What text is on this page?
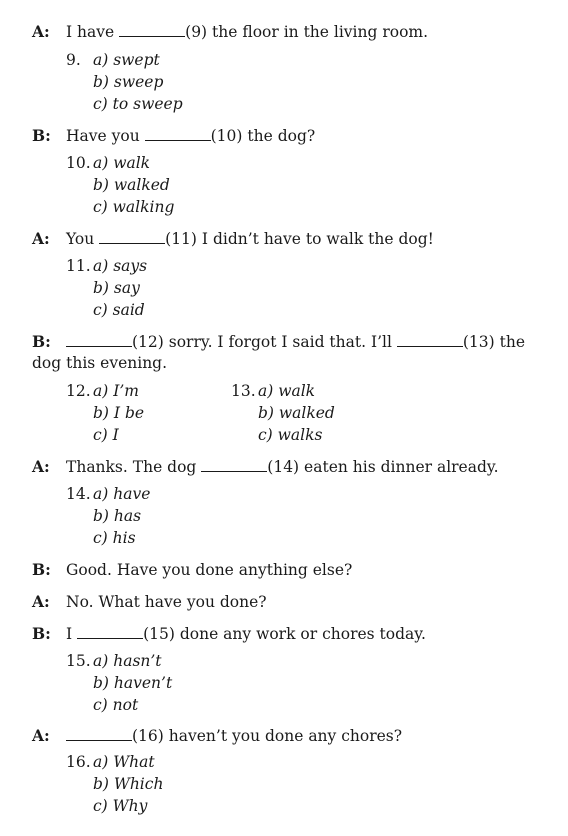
A: I have	(9) the floor in the living room.
9. a) swept
b) sweep
c) to sweep
B: Have you	(10) the dog?
10. a) walk
b) walked
c) walking
A: You	(11) I didn’t have to walk the dog!
11. a) says
b) say
c) said
B:	(12) sorry. I forgot I said that. I’ll	(13) the
dog this evening.
12. a) I’m
b) I be
c) I
13. a) walk
b) walked
c) walks
A: Thanks. The dog	(14) eaten his dinner already.
14. a) have
b) has
c) his
B: Good. Have you done anything else?
A: No. What have you done?
B: I	(15) done any work or chores today.
15. a) hasn’t
b) haven’t
c) not
A:	(16) haven’t you done any chores?
16. a) What
b) Which
c) Why
